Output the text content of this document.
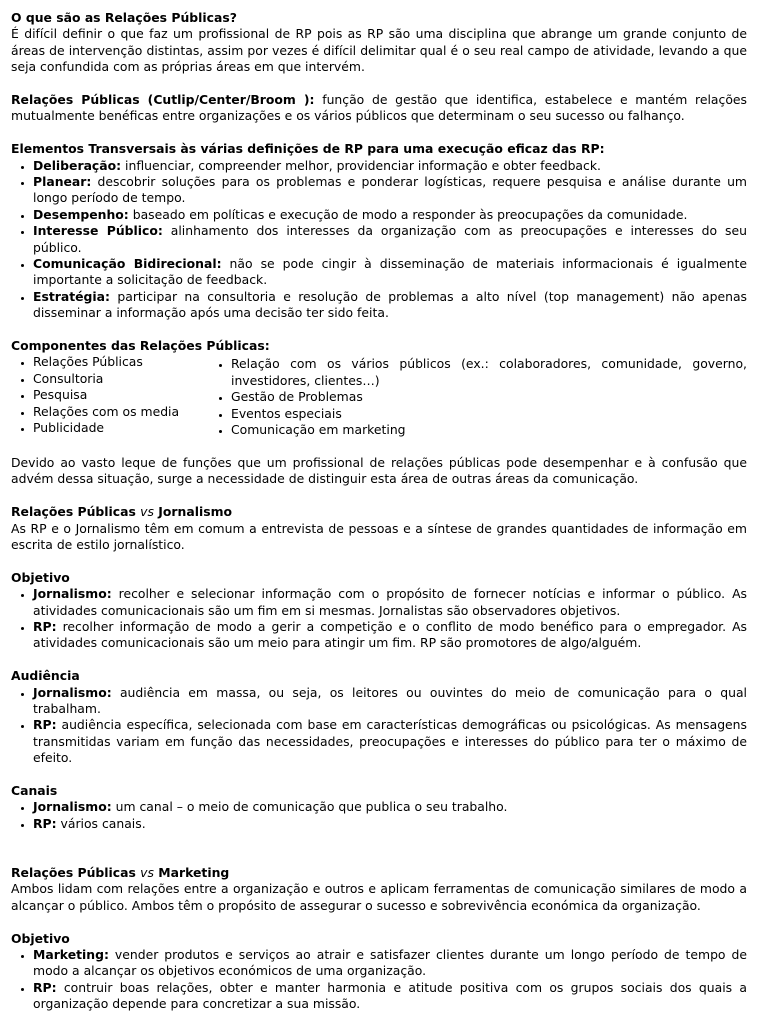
O que são as Relações Públicas?

É difícil definir o que faz um profissional de RP pois as RP são uma disciplina que abrange um grande conjunto de áreas de intervenção distintas, assim por vezes é difícil delimitar qual é o seu real campo de atividade, levando a que seja confundida com as próprias áreas em que intervém.

Relações Públicas (Cutlip/Center/Broom ): função de gestão que identifica, estabelece e mantém relações mutualmente benéficas entre organizações e os vários públicos que determinam o seu sucesso ou falhanço.

Elementos Transversais às várias definições de RP para uma execução eficaz das RP:

• Deliberação: influenciar, compreender melhor, providenciar informação e obter feedback.
• Planear: descobrir soluções para os problemas e ponderar logísticas, requere pesquisa e análise durante um longo período de tempo.
• Desempenho: baseado em políticas e execução de modo a responder às preocupações da comunidade.
• Interesse Público: alinhamento dos interesses da organização com as preocupações e interesses do seu público.
• Comunicação Bidirecional: não se pode cingir à disseminação de materiais informacionais é igualmente importante a solicitação de feedback.
• Estratégia: participar na consultoria e resolução de problemas a alto nível (top management) não apenas disseminar a informação após uma decisão ter sido feita.

Componentes das Relações Públicas:

• Relações Públicas
• Consultoria
• Pesquisa
• Relações com os media
• Publicidade
• Relação com os vários públicos (ex.: colaboradores, comunidade, governo, investidores, clientes…)
• Gestão de Problemas
• Eventos especiais
• Comunicação em marketing

Devido ao vasto leque de funções que um profissional de relações públicas pode desempenhar e à confusão que advém dessa situação, surge a necessidade de distinguir esta área de outras áreas da comunicação.

Relações Públicas vs Jornalismo

As RP e o Jornalismo têm em comum a entrevista de pessoas e a síntese de grandes quantidades de informação em escrita de estilo jornalístico.

Objetivo

• Jornalismo: recolher e selecionar informação com o propósito de fornecer notícias e informar o público. As atividades comunicacionais são um fim em si mesmas. Jornalistas são observadores objetivos.
• RP: recolher informação de modo a gerir a competição e o conflito de modo benéfico para o empregador. As atividades comunicacionais são um meio para atingir um fim. RP são promotores de algo/alguém.

Audiência

• Jornalismo: audiência em massa, ou seja, os leitores ou ouvintes do meio de comunicação para o qual trabalham.
• RP: audiência específica, selecionada com base em características demográficas ou psicológicas. As mensagens transmitidas variam em função das necessidades, preocupações e interesses do público para ter o máximo de efeito.

Canais

• Jornalismo: um canal – o meio de comunicação que publica o seu trabalho.
• RP: vários canais.

Relações Públicas vs Marketing

Ambos lidam com relações entre a organização e outros e aplicam ferramentas de comunicação similares de modo a alcançar o público. Ambos têm o propósito de assegurar o sucesso e sobrevivência económica da organização.

Objetivo

• Marketing: vender produtos e serviços ao atrair e satisfazer clientes durante um longo período de tempo de modo a alcançar os objetivos económicos de uma organização.
• RP: contruir boas relações, obter e manter harmonia e atitude positiva com os grupos sociais dos quais a organização depende para concretizar a sua missão.
